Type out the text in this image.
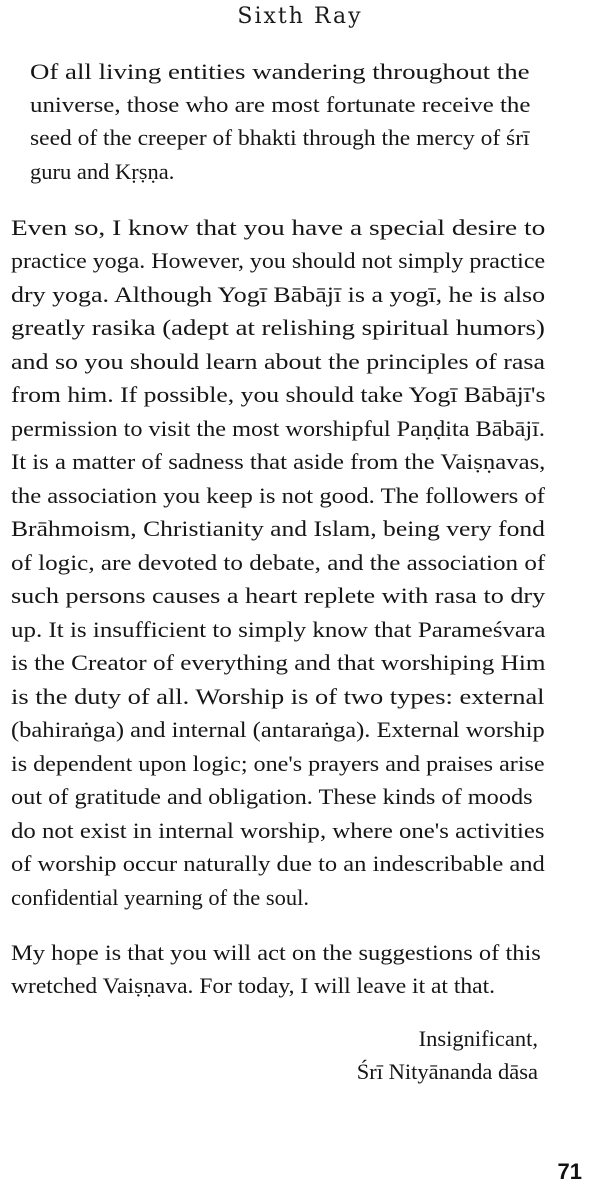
Sixth Ray
Of all living entities wandering throughout the
universe, those who are most fortunate receive the
seed of the creeper of bhakti through the mercy of śrī
guru and Kṛṣṇa.
Even so, I know that you have a special desire to
practice yoga. However, you should not simply practice
dry yoga. Although Yogī Bābājī is a yogī, he is also
greatly rasika (adept at relishing spiritual humors)
and so you should learn about the principles of rasa
from him. If possible, you should take Yogī Bābājī's
permission to visit the most worshipful Paṇḍita Bābājī.
It is a matter of sadness that aside from the Vaiṣṇavas,
the association you keep is not good. The followers of
Brāhmoism, Christianity and Islam, being very fond
of logic, are devoted to debate, and the association of
such persons causes a heart replete with rasa to dry
up. It is insufficient to simply know that Parameśvara
is the Creator of everything and that worshiping Him
is the duty of all. Worship is of two types: external
(bahiraṅga) and internal (antaraṅga). External worship
is dependent upon logic; one's prayers and praises arise
out of gratitude and obligation. These kinds of moods
do not exist in internal worship, where one's activities
of worship occur naturally due to an indescribable and
confidential yearning of the soul.
My hope is that you will act on the suggestions of this
wretched Vaiṣṇava. For today, I will leave it at that.
Insignificant,
Śrī Nityānanda dāsa
71
